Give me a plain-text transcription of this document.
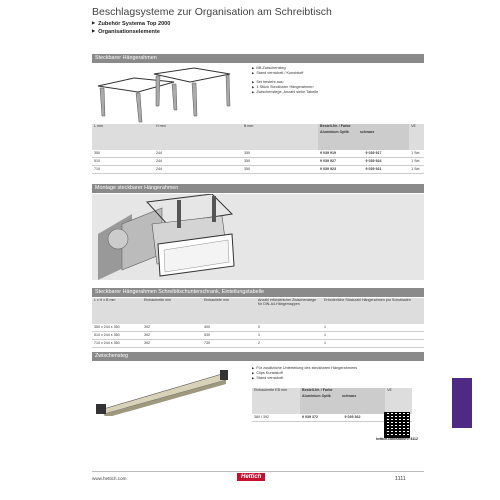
Beschlagsysteme zur Organisation am Schreibtisch
▶ Zubehör Systema Top 2000
▶ Organisationselemente
Steckbarer Hängerahmen
▶ Mit Zwischensteg
▶ Stand vernickelt / Kunststoff
▶ Set besteht aus:
▶ 1 Stück Steckbarer Hängerahmen
▶ Zwischenstege, Anzahl siehe Tabelle
L mm	H mm	B mm	Bestell-Nr. / Farbe
Aluminium Optik schwarz		VE
350	244	350	9 039 919	9 039 917	1 Set
510	244	350	9 039 927	9 039 924	1 Set
710	244	350	9 039 923	9 039 921	1 Set
Montage steckbarer Hängerahmen
Steckbarer Hängerahmen Schreibtischunterschrank, Einteilungstabelle
L x H x B mm	Einbaubreite mm	Einbautiefe mm	Anzahl erforderlicher Zwischenstege für DIN-A4-Hängemappen	Erforderliche Stückzahl Hängerahmen pro Schubladen
350 x 244 x 350	392	400	0	1
510 x 244 x 350	392	530	1	1
710 x 244 x 350	392	730	2	1
Zwischensteg
▶ Für zusätzliche Unterteilung des steckbaren Hängerahmens
▶ Clips Kunststoff
▶ Stand vernickelt
Einbaubreite EB mm	Bestell-Nr. / Farbe
Aluminium Optik schwarz		VE
380 / 392	9 039 372	9 039 362	
hettich.com/short/f7f 8112
www.hettich.com	Hettich	1111
